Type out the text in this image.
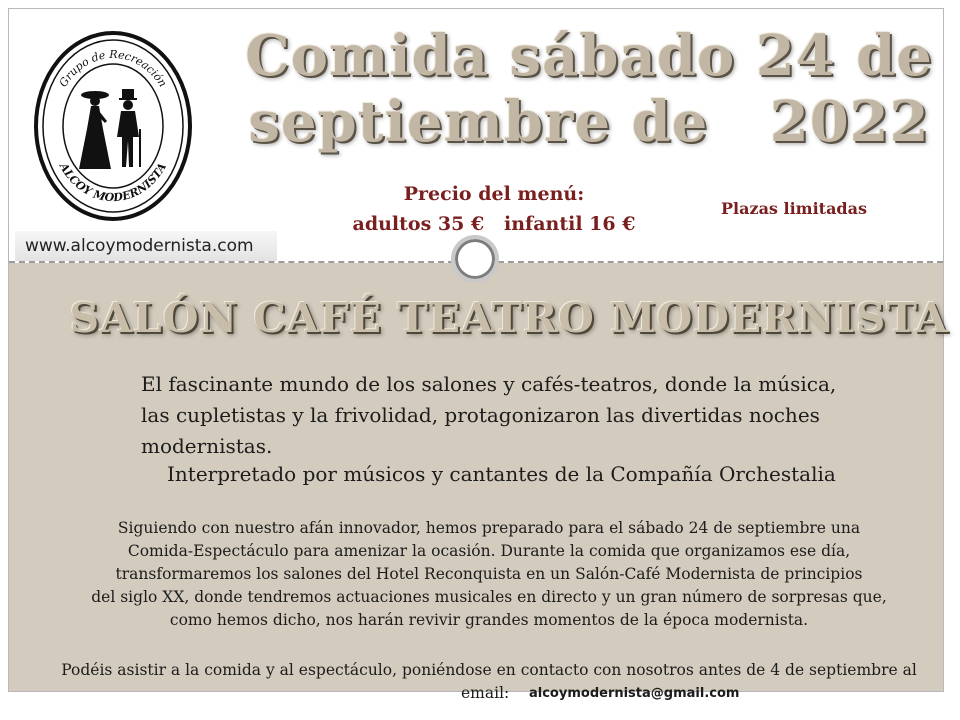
Grupo de Recreación
ALCOY MODERNISTA
Comida sábado 24 de
septiembre de   2022
Precio del menú:
adultos 35 €   infantil 16 €
Plazas limitadas
www.alcoymodernista.com
SALÓN CAFÉ TEATRO MODERNISTA
El fascinante mundo de los salones y cafés-teatros, donde la música,
las cupletistas y la frivolidad, protagonizaron las divertidas noches
modernistas.
Interpretado por músicos y cantantes de la Compañía Orchestalia
Siguiendo con nuestro afán innovador, hemos preparado para el sábado 24 de septiembre una
Comida-Espectáculo para amenizar la ocasión. Durante la comida que organizamos ese día,
transformaremos los salones del Hotel Reconquista en un Salón-Café Modernista de principios
del siglo XX, donde tendremos actuaciones musicales en directo y un gran número de sorpresas que,
como hemos dicho, nos harán revivir grandes momentos de la época modernista.
Podéis asistir a la comida y al espectáculo, poniéndose en contacto con nosotros antes de 4 de septiembre al
email: alcoymodernista@gmail.com
